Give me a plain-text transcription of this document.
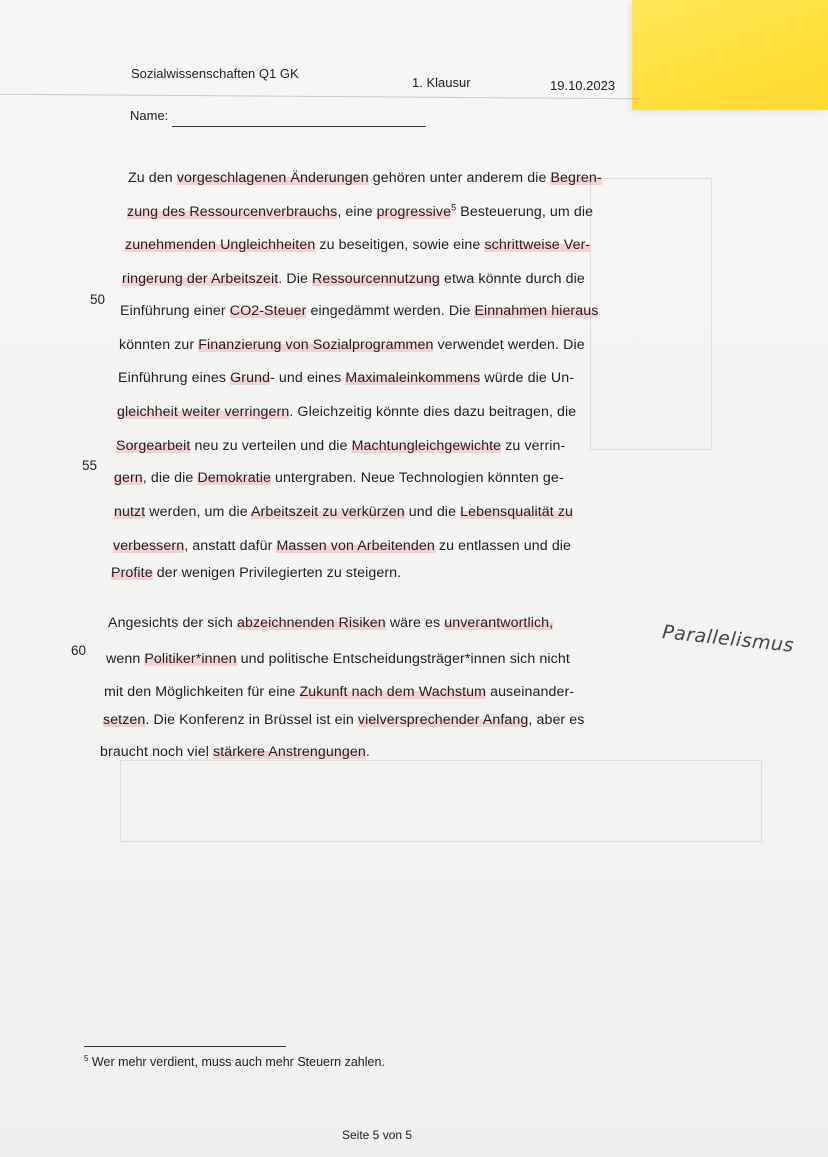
Sozialwissenschaften Q1 GK
1. Klausur	19.10.2023
Name:
Zu den vorgeschlagenen Änderungen gehören unter anderem die Begren-
zung des Ressourcenverbrauchs, eine progressive$^5$ Besteuerung, um die
zunehmenden Ungleichheiten zu beseitigen, sowie eine schrittweise Ver-
ringerung der Arbeitszeit. Die Ressourcennutzung etwa könnte durch die
50
Einführung einer CO2-Steuer eingedämmt werden. Die Einnahmen hieraus
könnten zur Finanzierung von Sozialprogrammen verwendet werden. Die
Einführung eines Grund- und eines Maximaleinkommens würde die Un-
gleichheit weiter verringern. Gleichzeitig könnte dies dazu beitragen, die
Sorgearbeit neu zu verteilen und die Machtungleichgewichte zu verrin-
55
gern, die die Demokratie untergraben. Neue Technologien könnten ge-
nutzt werden, um die Arbeitszeit zu verkürzen und die Lebensqualität zu
verbessern, anstatt dafür Massen von Arbeitenden zu entlassen und die
Profite der wenigen Privilegierten zu steigern.
Angesichts der sich abzeichnenden Risiken wäre es unverantwortlich,
60
wenn Politiker*innen und politische Entscheidungsträger*innen sich nicht
mit den Möglichkeiten für eine Zukunft nach dem Wachstum auseinander-
setzen. Die Konferenz in Brüssel ist ein vielversprechender Anfang, aber es
braucht noch viel stärkere Anstrengungen.
Parallelismus
$^5$ Wer mehr verdient, muss auch mehr Steuern zahlen.
Seite 5 von 5
